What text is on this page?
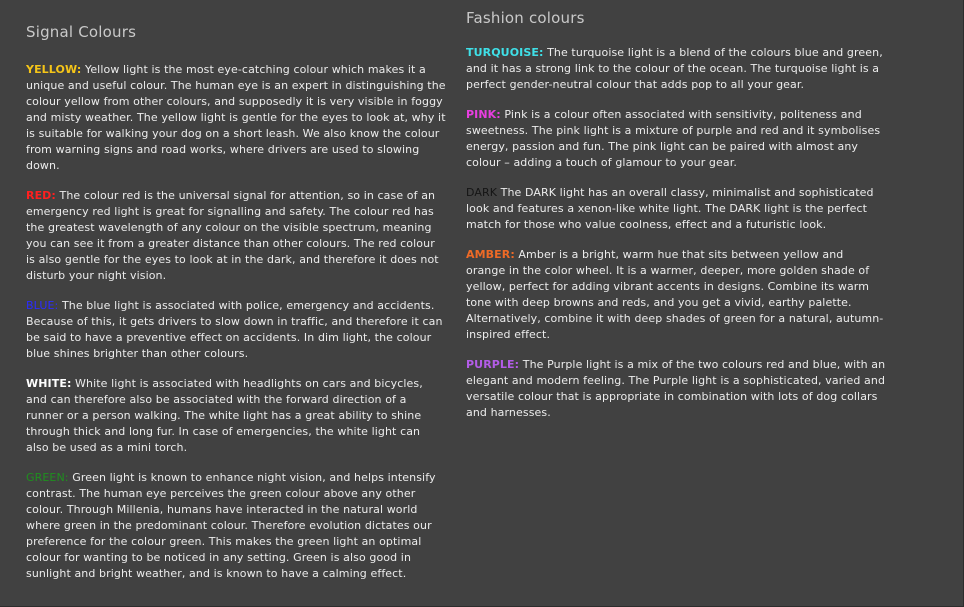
Signal Colours

YELLOW: Yellow light is the most eye-catching colour which makes it a unique and useful colour. The human eye is an expert in distinguishing the colour yellow from other colours, and supposedly it is very visible in foggy and misty weather. The yellow light is gentle for the eyes to look at, why it is suitable for walking your dog on a short leash. We also know the colour from warning signs and road works, where drivers are used to slowing down.

RED: The colour red is the universal signal for attention, so in case of an emergency red light is great for signalling and safety. The colour red has the greatest wavelength of any colour on the visible spectrum, meaning you can see it from a greater distance than other colours. The red colour is also gentle for the eyes to look at in the dark, and therefore it does not disturb your night vision.

BLUE: The blue light is associated with police, emergency and accidents. Because of this, it gets drivers to slow down in traffic, and therefore it can be said to have a preventive effect on accidents. In dim light, the colour blue shines brighter than other colours.

WHITE: White light is associated with headlights on cars and bicycles, and can therefore also be associated with the forward direction of a runner or a person walking. The white light has a great ability to shine through thick and long fur. In case of emergencies, the white light can also be used as a mini torch.

GREEN: Green light is known to enhance night vision, and helps intensify contrast. The human eye perceives the green colour above any other colour. Through Millenia, humans have interacted in the natural world where green in the predominant colour. Therefore evolution dictates our preference for the colour green. This makes the green light an optimal colour for wanting to be noticed in any setting. Green is also good in sunlight and bright weather, and is known to have a calming effect.

Fashion colours

TURQUOISE: The turquoise light is a blend of the colours blue and green, and it has a strong link to the colour of the ocean. The turquoise light is a perfect gender-neutral colour that adds pop to all your gear.

PINK: Pink is a colour often associated with sensitivity, politeness and sweetness. The pink light is a mixture of purple and red and it symbolises energy, passion and fun. The pink light can be paired with almost any colour – adding a touch of glamour to your gear.

DARK The DARK light has an overall classy, minimalist and sophisticated look and features a xenon-like white light. The DARK light is the perfect match for those who value coolness, effect and a futuristic look.

AMBER: Amber is a bright, warm hue that sits between yellow and orange in the color wheel. It is a warmer, deeper, more golden shade of yellow, perfect for adding vibrant accents in designs. Combine its warm tone with deep browns and reds, and you get a vivid, earthy palette. Alternatively, combine it with deep shades of green for a natural, autumn-inspired effect.

PURPLE: The Purple light is a mix of the two colours red and blue, with an elegant and modern feeling. The Purple light is a sophisticated, varied and versatile colour that is appropriate in combination with lots of dog collars and harnesses.
